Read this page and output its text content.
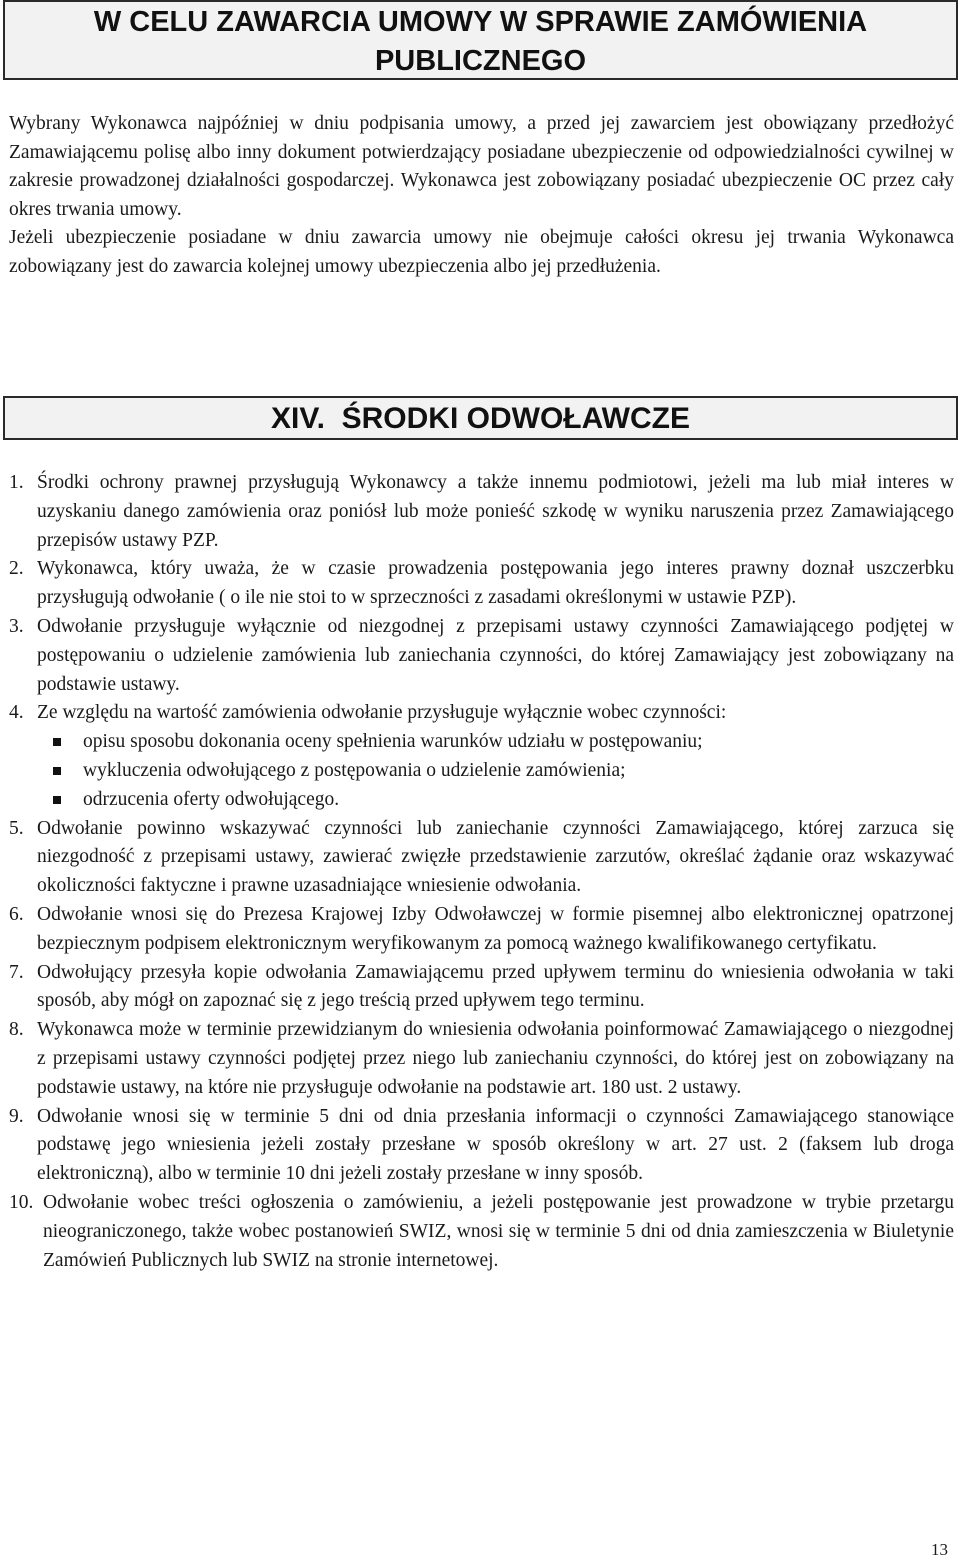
W CELU ZAWARCIA UMOWY W SPRAWIE ZAMÓWIENIA
PUBLICZNEGO

Wybrany Wykonawca najpóźniej w dniu podpisania umowy, a przed jej zawarciem jest obowiązany przedłożyć Zamawiającemu polisę albo inny dokument potwierdzający posiadane ubezpieczenie od odpowiedzialności cywilnej w zakresie prowadzonej działalności gospodarczej. Wykonawca jest zobowiązany posiadać ubezpieczenie OC przez cały okres trwania umowy.

Jeżeli ubezpieczenie posiadane w dniu zawarcia umowy nie obejmuje całości okresu jej trwania Wykonawca zobowiązany jest do zawarcia kolejnej umowy ubezpieczenia albo jej przedłużenia.

XIV.  ŚRODKI ODWOŁAWCZE
1. Środki ochrony prawnej przysługują Wykonawcy a także innemu podmiotowi, jeżeli ma lub miał interes w uzyskaniu danego zamówienia oraz poniósł lub może ponieść szkodę w wyniku naruszenia przez Zamawiającego przepisów ustawy PZP.
2. Wykonawca, który uważa, że w czasie prowadzenia postępowania jego interes prawny doznał uszczerbku przysługują odwołanie ( o ile nie stoi to w sprzeczności z zasadami określonymi w ustawie PZP).
3. Odwołanie przysługuje wyłącznie od niezgodnej z przepisami ustawy czynności Zamawiającego podjętej w postępowaniu o udzielenie zamówienia lub zaniechania czynności, do której Zamawiający jest zobowiązany na podstawie ustawy.
4. Ze względu na wartość zamówienia odwołanie przysługuje wyłącznie wobec czynności:
opisu sposobu dokonania oceny spełnienia warunków udziału w postępowaniu;
wykluczenia odwołującego z postępowania o udzielenie zamówienia;
odrzucenia oferty odwołującego.
5. Odwołanie powinno wskazywać czynności lub zaniechanie czynności Zamawiającego, której zarzuca się niezgodność z przepisami ustawy, zawierać zwięzłe przedstawienie zarzutów, określać żądanie oraz wskazywać okoliczności faktyczne i prawne uzasadniające wniesienie odwołania.
6. Odwołanie wnosi się do Prezesa Krajowej Izby Odwoławczej w formie pisemnej albo elektronicznej opatrzonej bezpiecznym podpisem elektronicznym weryfikowanym za pomocą ważnego kwalifikowanego certyfikatu.
7. Odwołujący przesyła kopie odwołania Zamawiającemu przed upływem terminu do wniesienia odwołania w taki sposób, aby mógł on zapoznać się z jego treścią przed upływem tego terminu.
8. Wykonawca może w terminie przewidzianym do wniesienia odwołania poinformować Zamawiającego o niezgodnej z przepisami ustawy czynności podjętej przez niego lub zaniechaniu czynności, do której jest on zobowiązany na podstawie ustawy, na które nie przysługuje odwołanie na podstawie art. 180 ust. 2 ustawy.
9. Odwołanie wnosi się w terminie 5 dni od dnia przesłania informacji o czynności Zamawiającego stanowiące podstawę jego wniesienia jeżeli zostały przesłane w sposób określony w art. 27 ust. 2 (faksem lub droga elektroniczną), albo w terminie 10 dni jeżeli zostały przesłane w inny sposób.
10. Odwołanie wobec treści ogłoszenia o zamówieniu, a jeżeli postępowanie jest prowadzone w trybie przetargu nieograniczonego, także wobec postanowień SWIZ, wnosi się w terminie 5 dni od dnia zamieszczenia w Biuletynie Zamówień Publicznych lub SWIZ na stronie internetowej.
13
